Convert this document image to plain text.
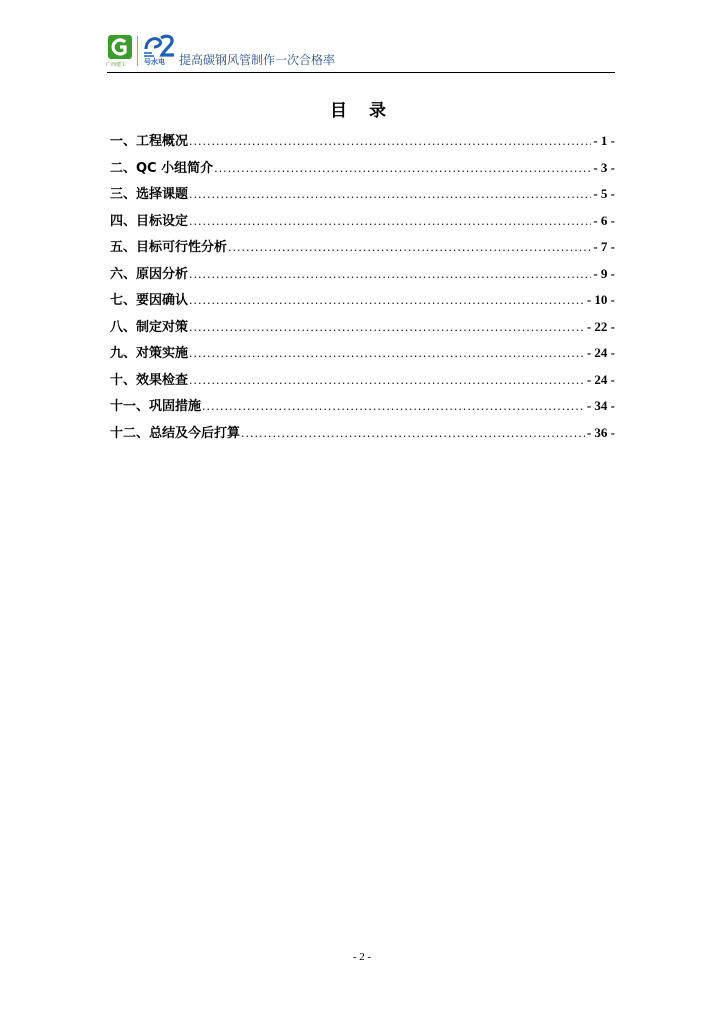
广西建工	号水电 提高碳钢风管制作一次合格率
目 录
一、工程概况 .....	- 1 -
二、QC 小组简介 .....	- 3 -
三、选择课题 .....	- 5 -
四、目标设定 .....	- 6 -
五、目标可行性分析 .....	- 7 -
六、原因分析 .....	- 9 -
七、要因确认 .....	- 10 -
八、制定对策 .....	- 22 -
九、对策实施 .....	- 24 -
十、效果检查 .....	- 24 -
十一、巩固措施 .....	- 34 -
十二、总结及今后打算 .....	- 36 -
- 2 -
